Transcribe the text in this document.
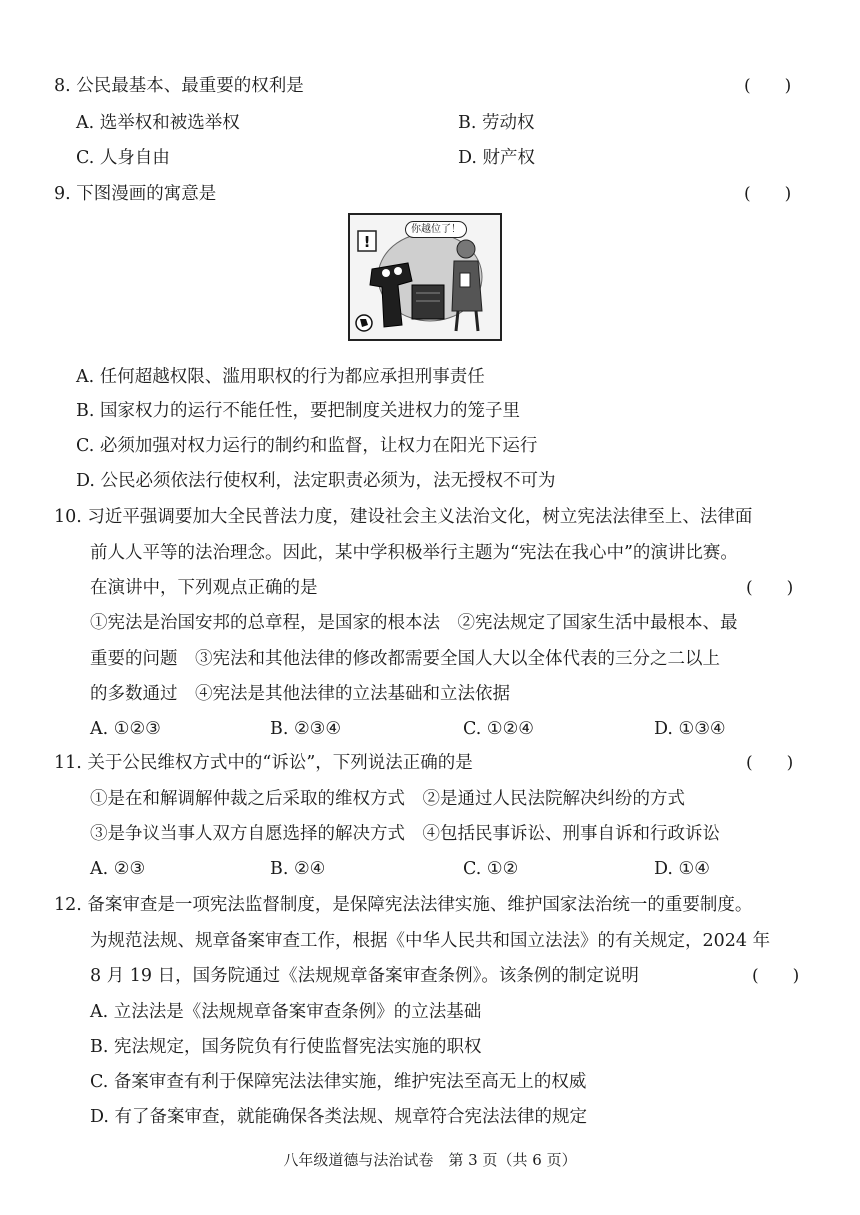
8. 公民最基本、最重要的权利是	(　　)
A. 选举权和被选举权	B. 劳动权
C. 人身自由	D. 财产权
9. 下图漫画的寓意是	(　　)
!
你越位了！
A. 任何超越权限、滥用职权的行为都应承担刑事责任
B. 国家权力的运行不能任性，要把制度关进权力的笼子里
C. 必须加强对权力运行的制约和监督，让权力在阳光下运行
D. 公民必须依法行使权利，法定职责必须为，法无授权不可为
10. 习近平强调要加大全民普法力度，建设社会主义法治文化，树立宪法法律至上、法律面
前人人平等的法治理念。因此，某中学积极举行主题为“宪法在我心中”的演讲比赛。
在演讲中，下列观点正确的是	(　　)
①宪法是治国安邦的总章程，是国家的根本法　②宪法规定了国家生活中最根本、最
重要的问题　③宪法和其他法律的修改都需要全国人大以全体代表的三分之二以上
的多数通过　④宪法是其他法律的立法基础和立法依据
A. ①②③	B. ②③④	C. ①②④	D. ①③④
11. 关于公民维权方式中的“诉讼”，下列说法正确的是	(　　)
①是在和解调解仲裁之后采取的维权方式　②是通过人民法院解决纠纷的方式
③是争议当事人双方自愿选择的解决方式　④包括民事诉讼、刑事自诉和行政诉讼
A. ②③	B. ②④	C. ①②	D. ①④
12. 备案审查是一项宪法监督制度，是保障宪法法律实施、维护国家法治统一的重要制度。
为规范法规、规章备案审查工作，根据《中华人民共和国立法法》的有关规定，2024 年
8 月 19 日，国务院通过《法规规章备案审查条例》。该条例的制定说明	(　　)
A. 立法法是《法规规章备案审查条例》的立法基础
B. 宪法规定，国务院负有行使监督宪法实施的职权
C. 备案审查有利于保障宪法法律实施，维护宪法至高无上的权威
D. 有了备案审查，就能确保各类法规、规章符合宪法法律的规定
八年级道德与法治试卷　第 3 页（共 6 页）
